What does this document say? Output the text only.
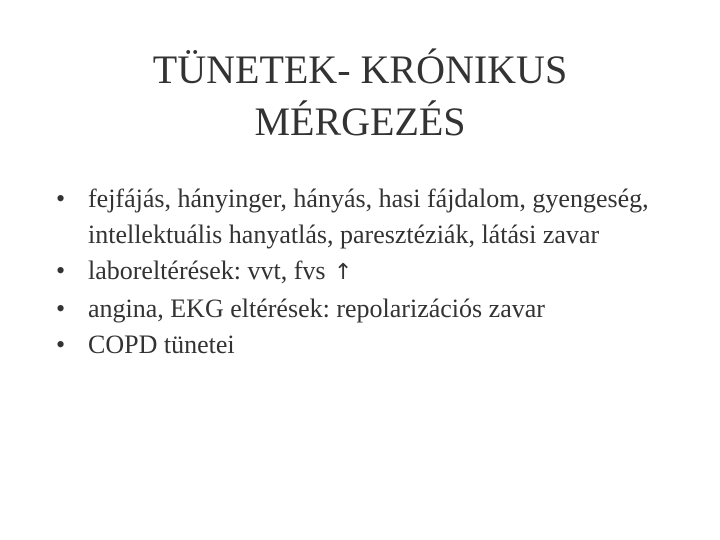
TÜNETEK- KRÓNIKUS
MÉRGEZÉS
• fejfájás, hányinger, hányás, hasi fájdalom, gyengeség, intellektuális hanyatlás, paresztéziák, látási zavar
• laboreltérések: vvt, fvs ↑
• angina, EKG eltérések: repolarizációs zavar
• COPD tünetei
